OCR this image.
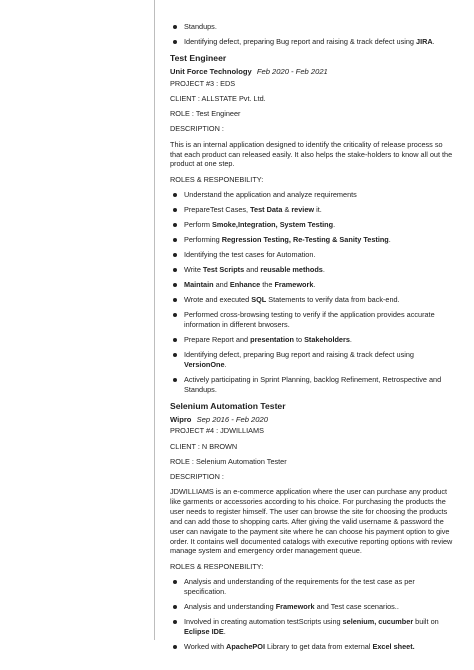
Standups.
Identifying defect, preparing Bug report and raising & track defect using JIRA.
Test Engineer
Unit Force Technology Feb 2020 - Feb 2021
PROJECT #3 : EDS
CLIENT : ALLSTATE Pvt. Ltd.
ROLE : Test Engineer
DESCRIPTION :
This is an internal application designed to identify the criticality of release process so that each product can released easily. It also helps the stake-holders to know all out the product at one step.
ROLES & RESPONEBILITY:
Understand the application and analyze requirements
PrepareTest Cases, Test Data & review it.
Perform Smoke,Integration, System Testing.
Performing Regression Testing, Re-Testing & Sanity Testing.
Identifying the test cases for Automation.
Write Test Scripts and reusable methods.
Maintain and Enhance the Framework.
Wrote and executed SQL Statements to verify data from back-end.
Performed cross-browsing testing to verify if the application provides accurate information in different brwosers.
Prepare Report and presentation to Stakeholders.
Identifying defect, preparing Bug report and raising & track defect using VersionOne.
Actively participating in Sprint Planning, backlog Refinement, Retrospective and Standups.
Selenium Automation Tester
Wipro Sep 2016 - Feb 2020
PROJECT #4 : JDWILLIAMS
CLIENT : N BROWN
ROLE : Selenium Automation Tester
DESCRIPTION :
JDWILLIAMS is an e-commerce application where the user can purchase any product like garments or accessories according to his choice. For purchasing the products the user needs to register himself. The user can browse the site for choosing the products and can add those to shopping carts. After giving the valid username & password the user can navigate to the payment site where he can choose his payment option to give order. It contains well documented catalogs with executive reporting options with review manage system and emergency order management queue.
ROLES & RESPONEBILITY:
Analysis and understanding of the requirements for the test case as per specification.
Analysis and understanding Framework and Test case scenarios..
Involved in creating automation testScripts using selenium, cucumber built on Eclipse IDE.
Worked with ApachePOI Library to get data from external Excel sheet.
